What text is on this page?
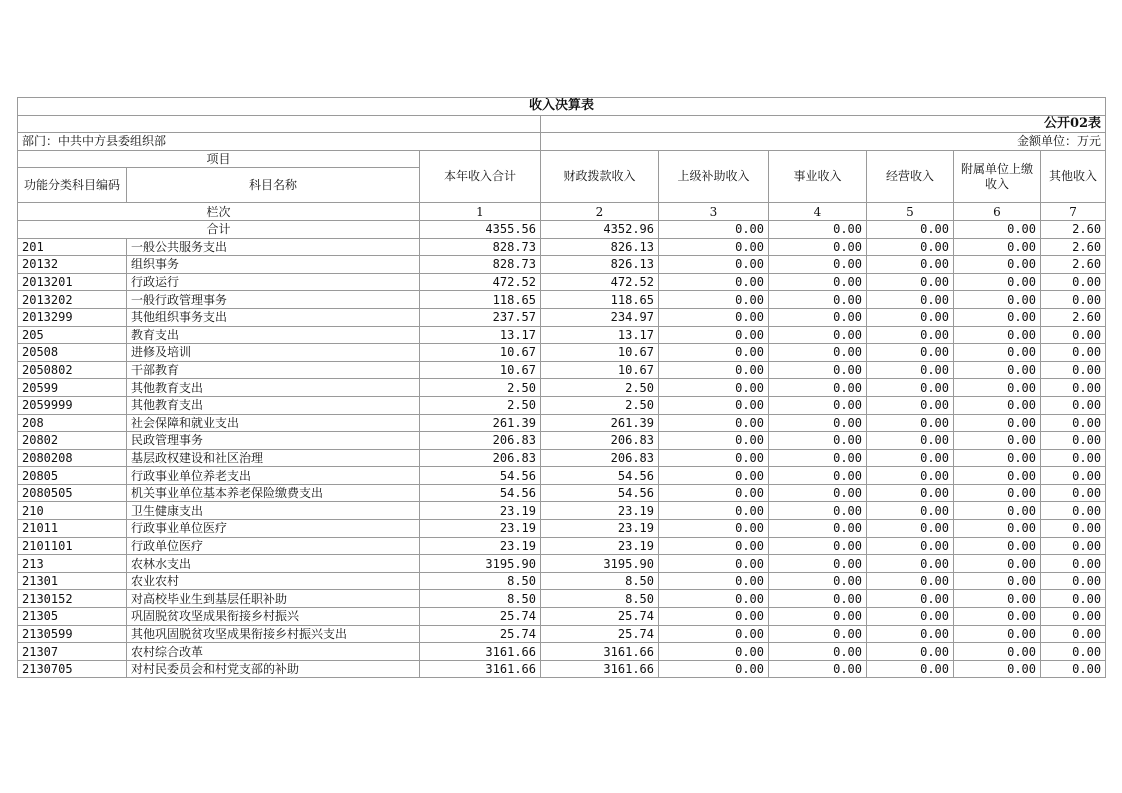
收入决算表								
			公开02表					
部门：中共中方县委组织部			金额单位：万元					
项目		本年收入合计	财政拨款收入	上级补助收入	事业收入	经营收入	附属单位上缴收入	其他收入
功能分类科目编码	科目名称							
栏次		1	2	3	4	5	6	7
合计		4355.56	4352.96	0.00	0.00	0.00	0.00	2.60
201	一般公共服务支出	828.73	826.13	0.00	0.00	0.00	0.00	2.60
20132	组织事务	828.73	826.13	0.00	0.00	0.00	0.00	2.60
2013201	行政运行	472.52	472.52	0.00	0.00	0.00	0.00	0.00
2013202	一般行政管理事务	118.65	118.65	0.00	0.00	0.00	0.00	0.00
2013299	其他组织事务支出	237.57	234.97	0.00	0.00	0.00	0.00	2.60
205	教育支出	13.17	13.17	0.00	0.00	0.00	0.00	0.00
20508	进修及培训	10.67	10.67	0.00	0.00	0.00	0.00	0.00
2050802	干部教育	10.67	10.67	0.00	0.00	0.00	0.00	0.00
20599	其他教育支出	2.50	2.50	0.00	0.00	0.00	0.00	0.00
2059999	其他教育支出	2.50	2.50	0.00	0.00	0.00	0.00	0.00
208	社会保障和就业支出	261.39	261.39	0.00	0.00	0.00	0.00	0.00
20802	民政管理事务	206.83	206.83	0.00	0.00	0.00	0.00	0.00
2080208	基层政权建设和社区治理	206.83	206.83	0.00	0.00	0.00	0.00	0.00
20805	行政事业单位养老支出	54.56	54.56	0.00	0.00	0.00	0.00	0.00
2080505	机关事业单位基本养老保险缴费支出	54.56	54.56	0.00	0.00	0.00	0.00	0.00
210	卫生健康支出	23.19	23.19	0.00	0.00	0.00	0.00	0.00
21011	行政事业单位医疗	23.19	23.19	0.00	0.00	0.00	0.00	0.00
2101101	行政单位医疗	23.19	23.19	0.00	0.00	0.00	0.00	0.00
213	农林水支出	3195.90	3195.90	0.00	0.00	0.00	0.00	0.00
21301	农业农村	8.50	8.50	0.00	0.00	0.00	0.00	0.00
2130152	对高校毕业生到基层任职补助	8.50	8.50	0.00	0.00	0.00	0.00	0.00
21305	巩固脱贫攻坚成果衔接乡村振兴	25.74	25.74	0.00	0.00	0.00	0.00	0.00
2130599	其他巩固脱贫攻坚成果衔接乡村振兴支出	25.74	25.74	0.00	0.00	0.00	0.00	0.00
21307	农村综合改革	3161.66	3161.66	0.00	0.00	0.00	0.00	0.00
2130705	对村民委员会和村党支部的补助	3161.66	3161.66	0.00	0.00	0.00	0.00	0.00
